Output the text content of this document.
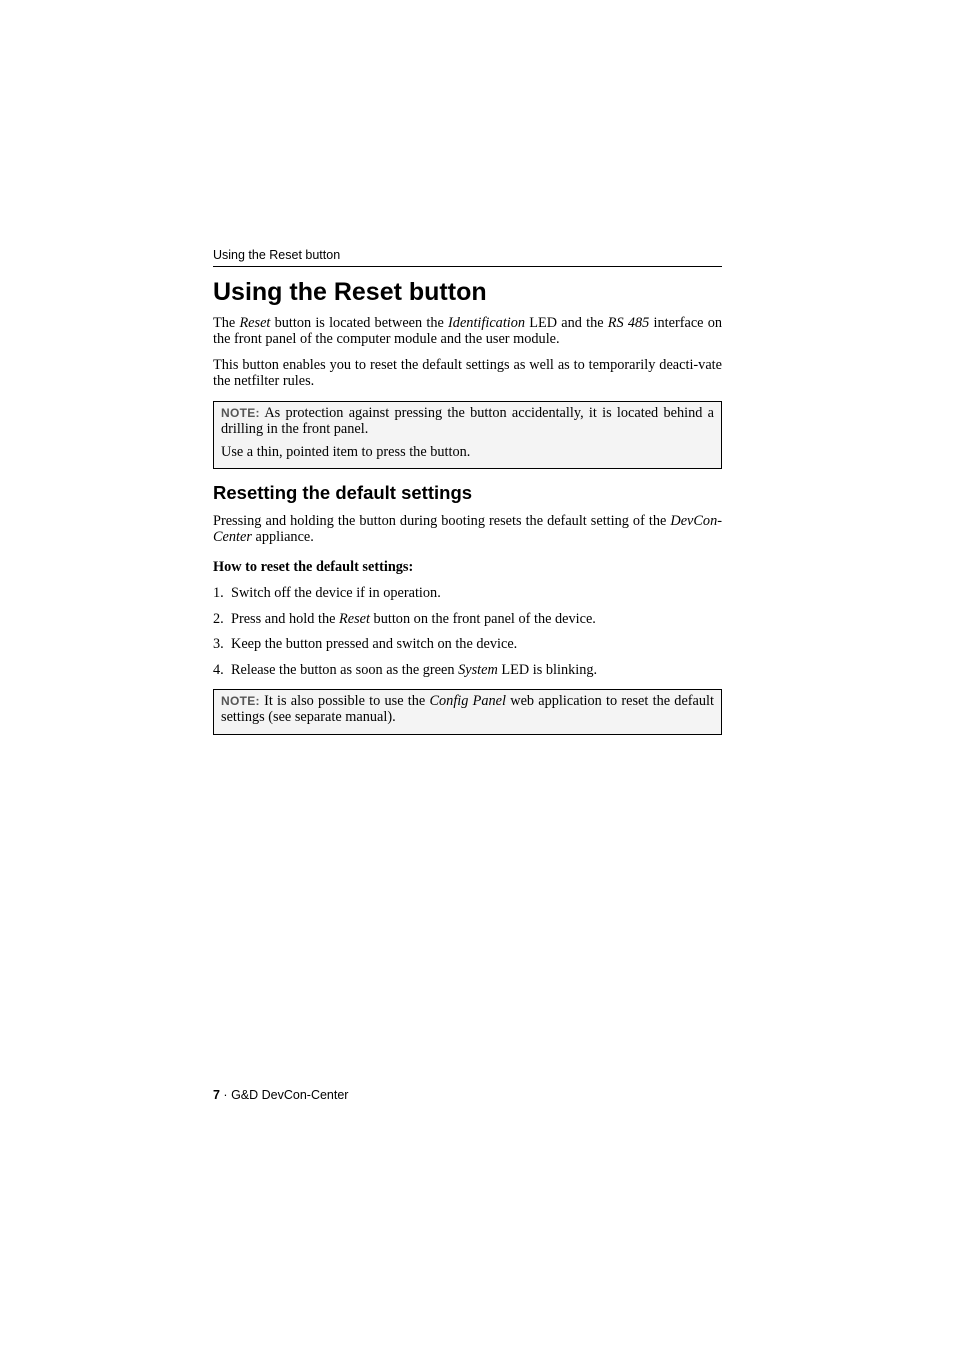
Using the Reset button
Using the Reset button

The Reset button is located between the Identification LED and the RS 485 interface on the front panel of the computer module and the user module.

This button enables you to reset the default settings as well as to temporarily deacti-vate the netfilter rules.

NOTE: As protection against pressing the button accidentally, it is located behind a drilling in the front panel.

Use a thin, pointed item to press the button.

Resetting the default settings

Pressing and holding the button during booting resets the default setting of the DevCon-Center appliance.

How to reset the default settings:
1. Switch off the device if in operation.
2. Press and hold the Reset button on the front panel of the device.
3. Keep the button pressed and switch on the device.
4. Release the button as soon as the green System LED is blinking.

NOTE: It is also possible to use the Config Panel web application to reset the default settings (see separate manual).

7 · G&D DevCon-Center
